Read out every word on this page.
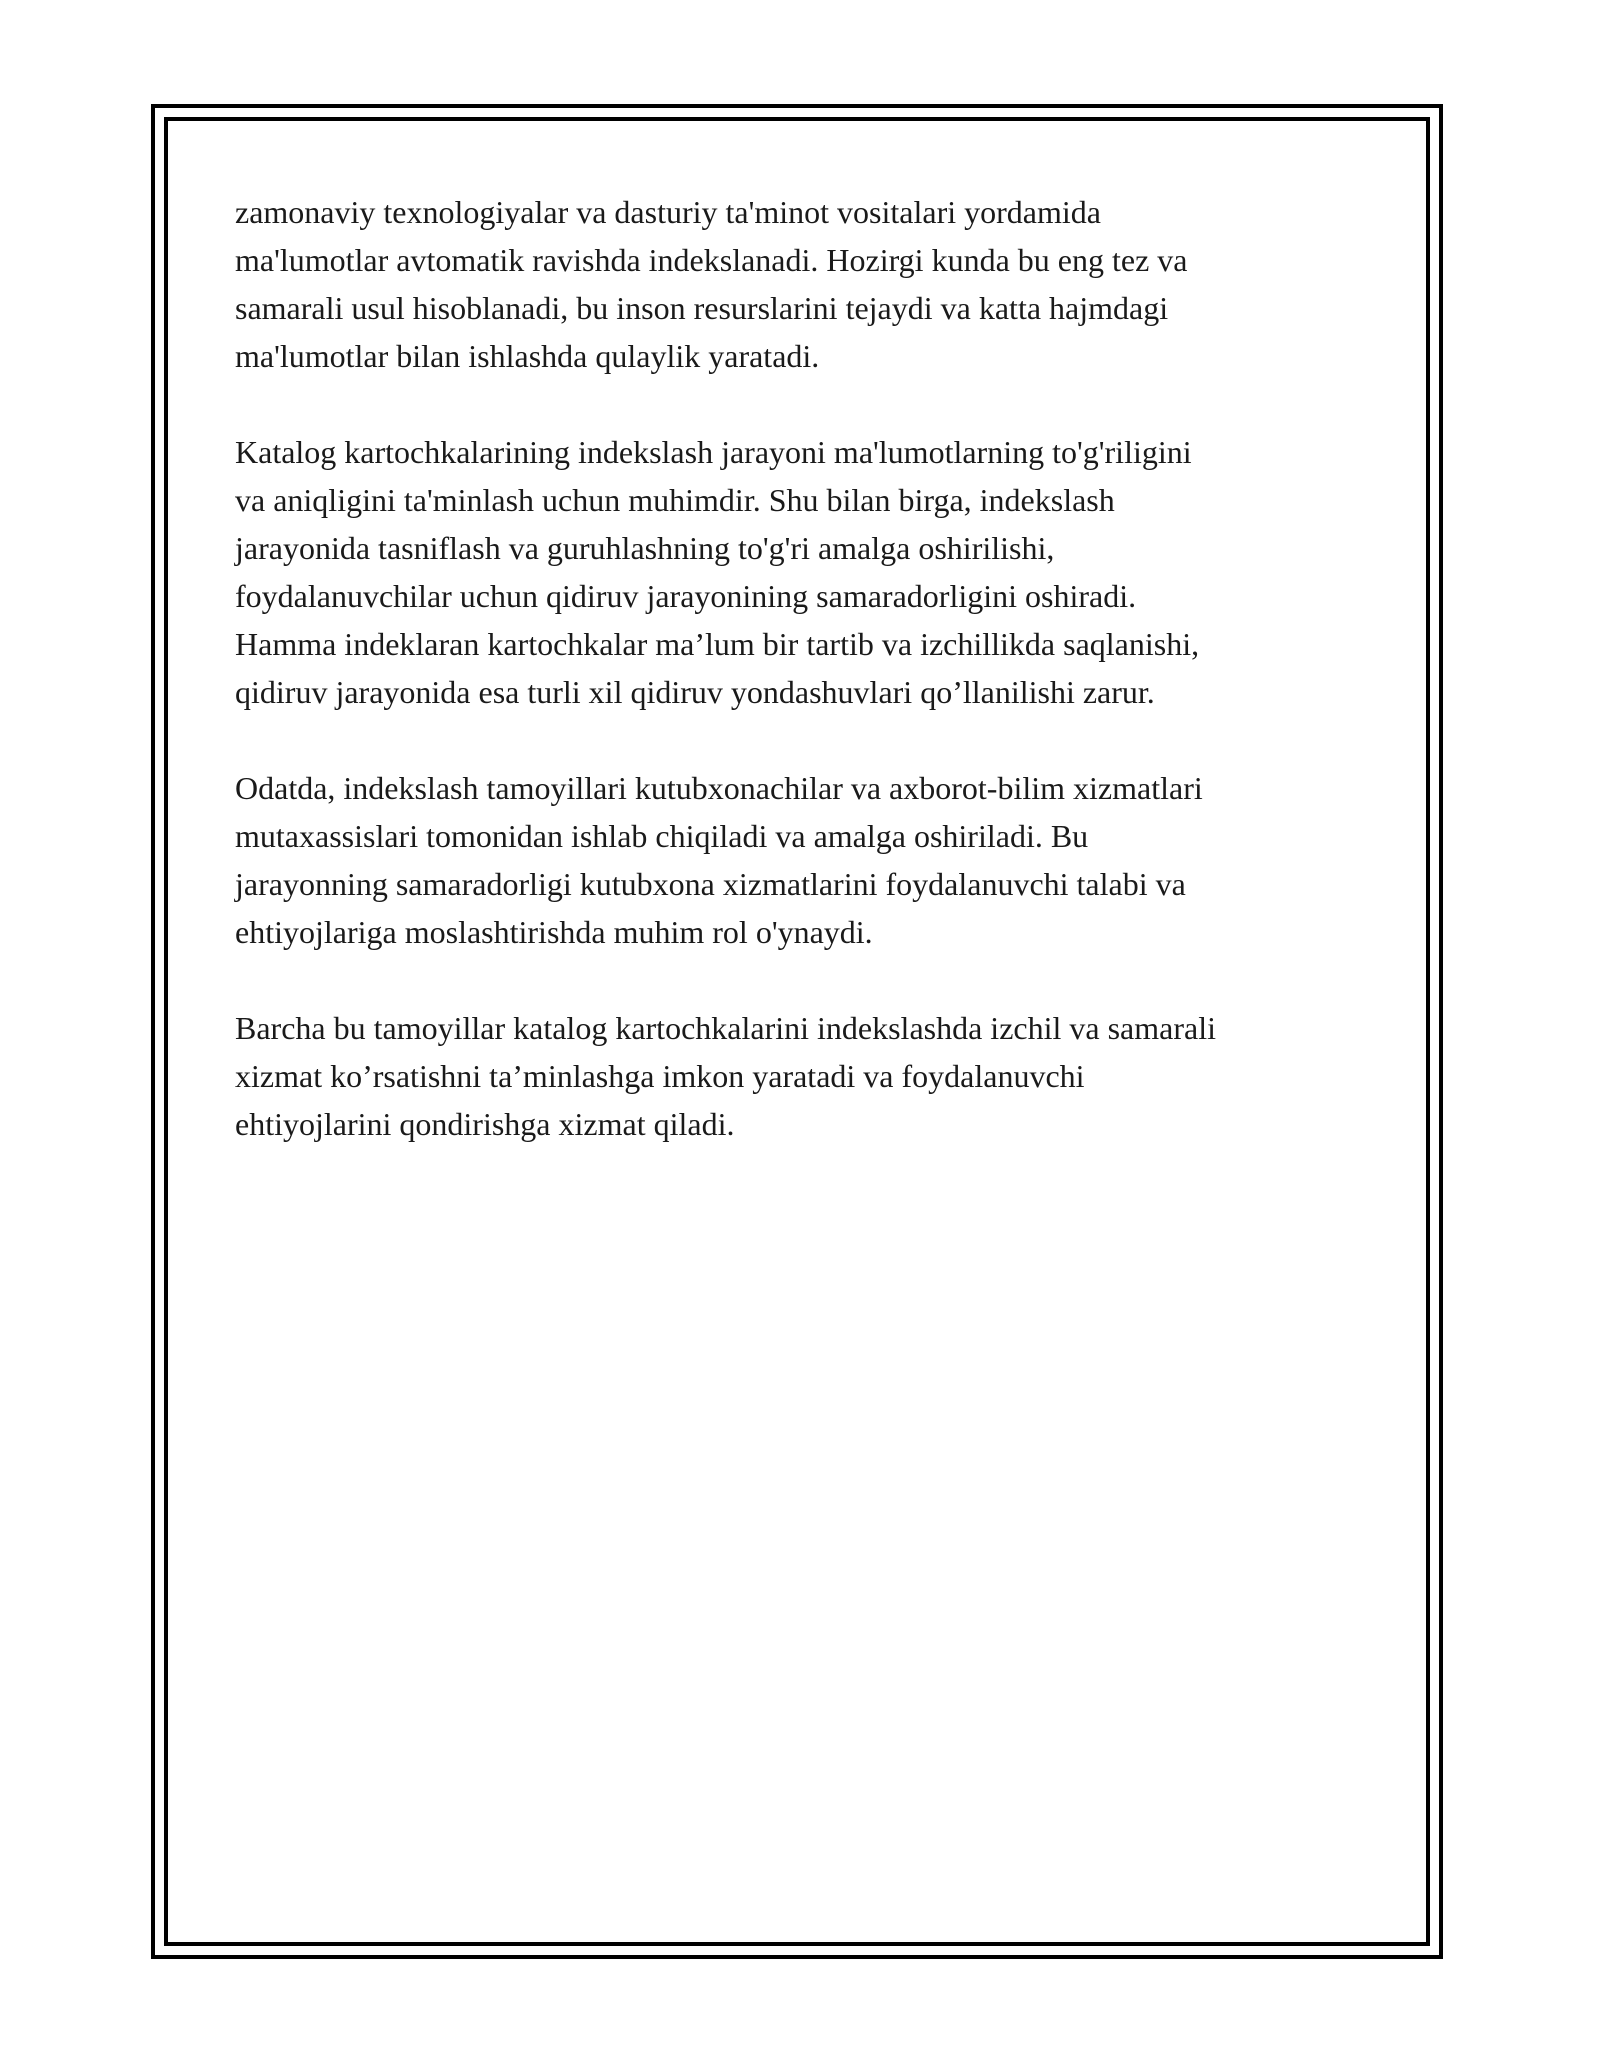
zamonaviy texnologiyalar va dasturiy ta'minot vositalari yordamida
ma'lumotlar avtomatik ravishda indekslanadi. Hozirgi kunda bu eng tez va
samarali usul hisoblanadi, bu inson resurslarini tejaydi va katta hajmdagi
ma'lumotlar bilan ishlashda qulaylik yaratadi.

Katalog kartochkalarining indekslash jarayoni ma'lumotlarning to'g'riligini
va aniqligini ta'minlash uchun muhimdir. Shu bilan birga, indekslash
jarayonida tasniflash va guruhlashning to'g'ri amalga oshirilishi,
foydalanuvchilar uchun qidiruv jarayonining samaradorligini oshiradi.
Hamma indeklaran kartochkalar ma’lum bir tartib va izchillikda saqlanishi,
qidiruv jarayonida esa turli xil qidiruv yondashuvlari qo’llanilishi zarur.

Odatda, indekslash tamoyillari kutubxonachilar va axborot-bilim xizmatlari
mutaxassislari tomonidan ishlab chiqiladi va amalga oshiriladi. Bu
jarayonning samaradorligi kutubxona xizmatlarini foydalanuvchi talabi va
ehtiyojlariga moslashtirishda muhim rol o'ynaydi.

Barcha bu tamoyillar katalog kartochkalarini indekslashda izchil va samarali
xizmat ko’rsatishni ta’minlashga imkon yaratadi va foydalanuvchi
ehtiyojlarini qondirishga xizmat qiladi.
